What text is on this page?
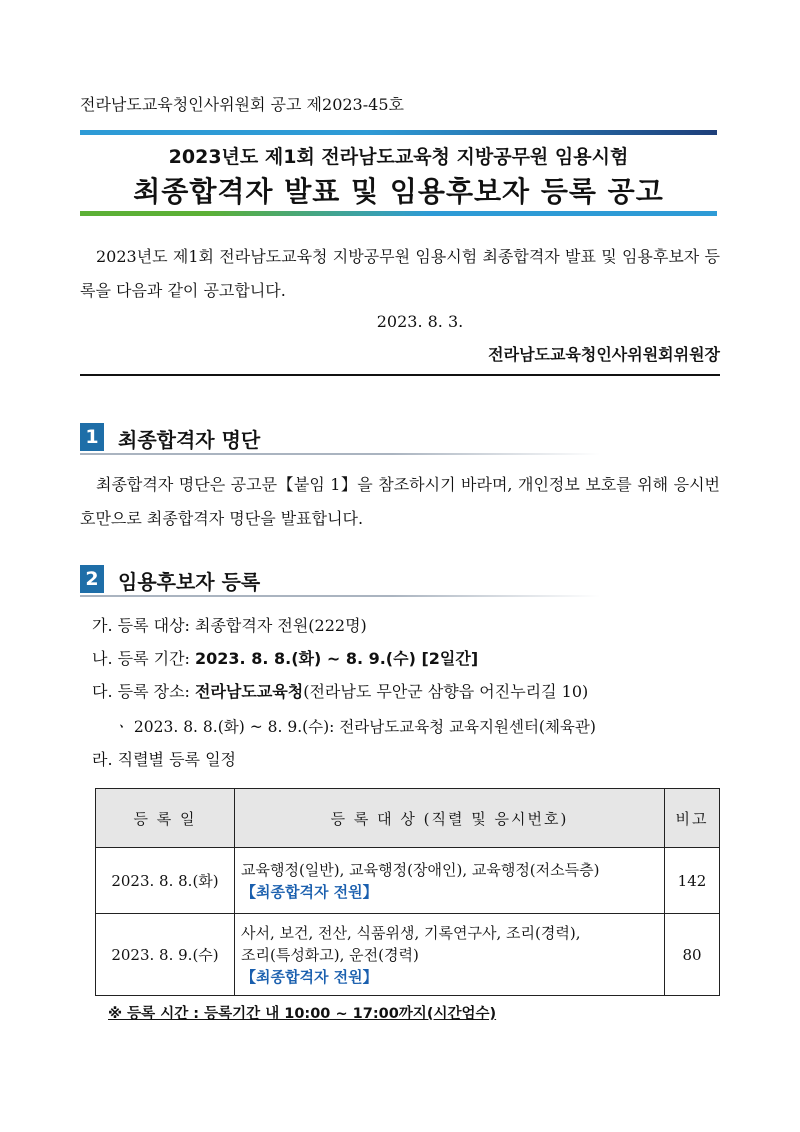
전라남도교육청인사위원회 공고 제2023-45호
2023년도 제1회 전라남도교육청 지방공무원 임용시험
최종합격자 발표 및 임용후보자 등록 공고
2023년도 제1회 전라남도교육청 지방공무원 임용시험 최종합격자 발표 및 임용후보자 등록을 다음과 같이 공고합니다.
2023. 8. 3.
전라남도교육청인사위원회위원장
1 최종합격자 명단
최종합격자 명단은 공고문【붙임 1】을 참조하시기 바라며, 개인정보 보호를 위해 응시번호만으로 최종합격자 명단을 발표합니다.
2 임용후보자 등록
가. 등록 대상: 최종합격자 전원(222명)
나. 등록 기간: 2023. 8. 8.(화) ~ 8. 9.(수) [2일간]
다. 등록 장소: 전라남도교육청(전라남도 무안군 삼향읍 어진누리길 10)
ㆍ 2023. 8. 8.(화) ~ 8. 9.(수): 전라남도교육청 교육지원센터(체육관)
라. 직렬별 등록 일정
등 록 일	등 록 대 상 (직렬 및 응시번호)	비고
2023. 8. 8.(화)	교육행정(일반), 교육행정(장애인), 교육행정(저소득층)
【최종합격자 전원】	142
2023. 8. 9.(수)	사서, 보건, 전산, 식품위생, 기록연구사, 조리(경력),
조리(특성화고), 운전(경력)
【최종합격자 전원】	80
※ 등록 시간 : 등록기간 내 10:00 ~ 17:00까지(시간엄수)
